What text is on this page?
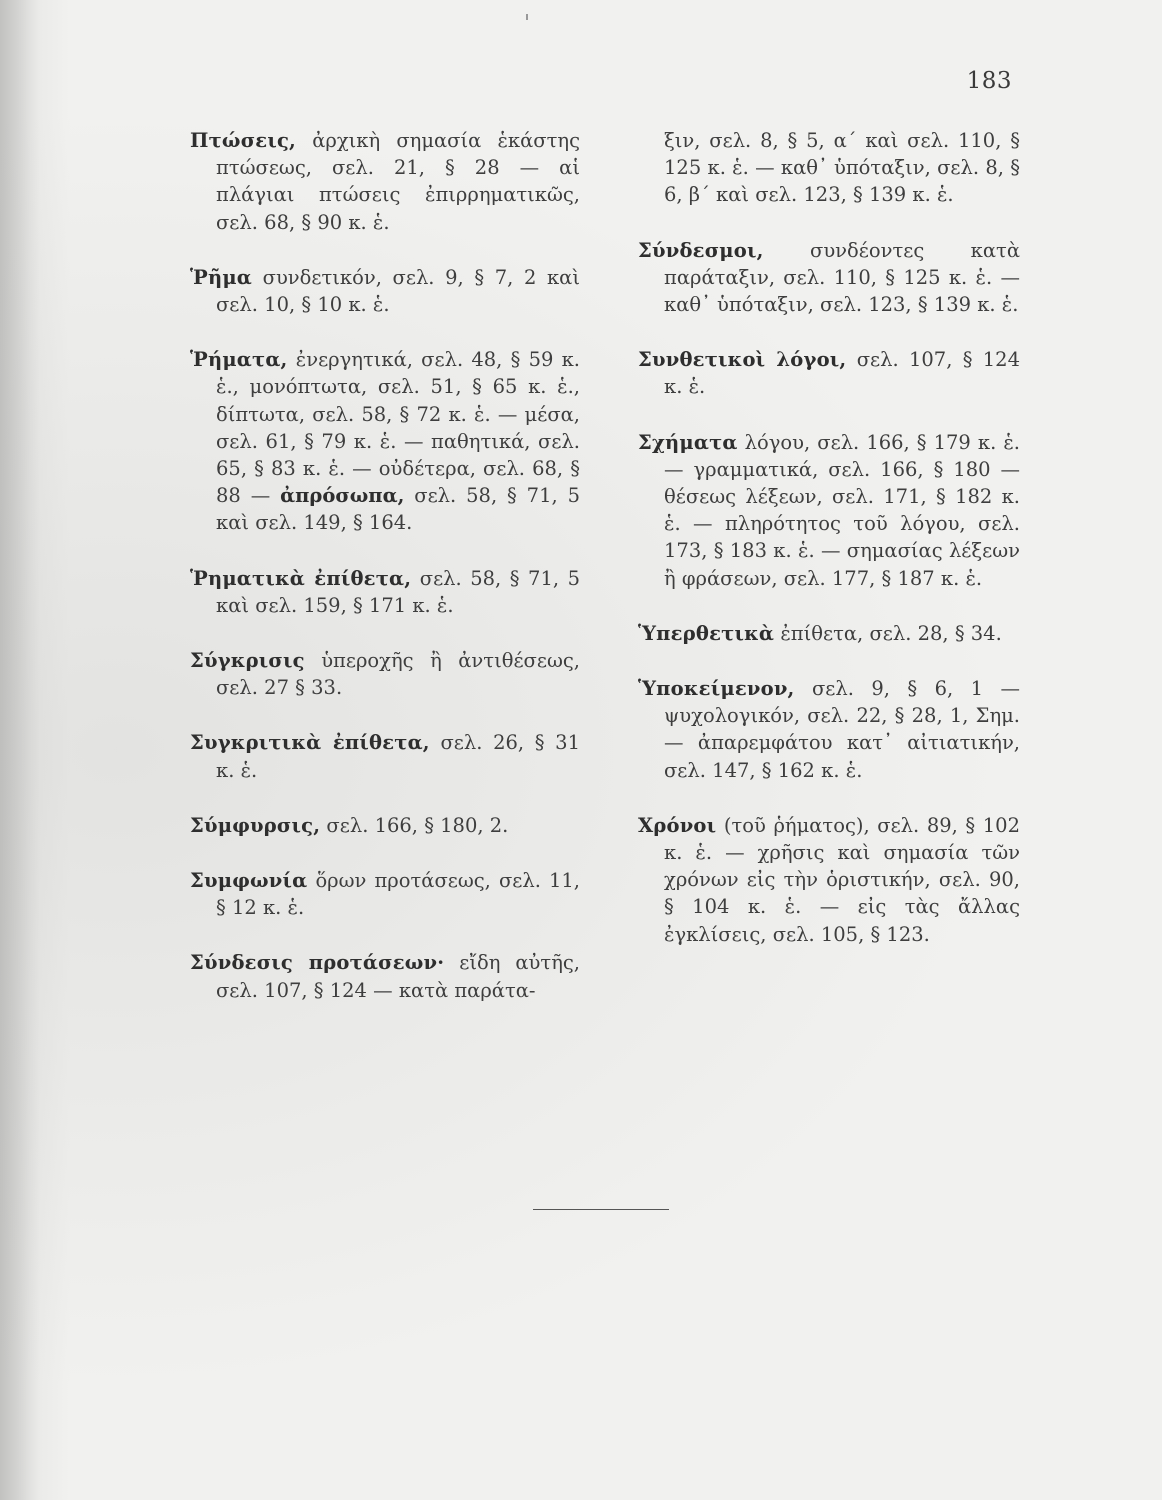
183

Πτώσεις, ἀρχικὴ σημασία ἑκάστης πτώσεως, σελ. 21, § 28 — αἱ πλάγιαι πτώσεις ἐπιρρηματικῶς, σελ. 68, § 90 κ. ἑ.

Ῥῆμα συνδετικόν, σελ. 9, § 7, 2 καὶ σελ. 10, § 10 κ. ἑ.

Ῥήματα, ἐνεργητικά, σελ. 48, § 59 κ. ἑ., μονόπτωτα, σελ. 51, § 65 κ. ἑ., δίπτωτα, σελ. 58, § 72 κ. ἑ. — μέσα, σελ. 61, § 79 κ. ἑ. — παθητικά, σελ. 65, § 83 κ. ἑ. — οὐδέτερα, σελ. 68, § 88 — ἀπρόσωπα, σελ. 58, § 71, 5 καὶ σελ. 149, § 164.

Ῥηματικὰ ἐπίθετα, σελ. 58, § 71, 5 καὶ σελ. 159, § 171 κ. ἑ.

Σύγκρισις ὑπεροχῆς ἢ ἀντιθέσεως, σελ. 27 § 33.

Συγκριτικὰ ἐπίθετα, σελ. 26, § 31 κ. ἑ.

Σύμφυρσις, σελ. 166, § 180, 2.

Συμφωνία ὅρων προτάσεως, σελ. 11, § 12 κ. ἑ.

Σύνδεσις προτάσεων· εἴδη αὐτῆς, σελ. 107, § 124 — κατὰ παράτα-

ξιν, σελ. 8, § 5, α΄ καὶ σελ. 110, § 125 κ. ἑ. — καθ᾽ ὑπόταξιν, σελ. 8, § 6, β΄ καὶ σελ. 123, § 139 κ. ἑ.

Σύνδεσμοι, συνδέοντες κατὰ παράταξιν, σελ. 110, § 125 κ. ἑ. — καθ᾽ ὑπόταξιν, σελ. 123, § 139 κ. ἑ.

Συνθετικοὶ λόγοι, σελ. 107, § 124 κ. ἑ.

Σχήματα λόγου, σελ. 166, § 179 κ. ἑ. — γραμματικά, σελ. 166, § 180 — θέσεως λέξεων, σελ. 171, § 182 κ. ἑ. — πληρότητος τοῦ λόγου, σελ. 173, § 183 κ. ἑ. — σημασίας λέξεων ἢ φράσεων, σελ. 177, § 187 κ. ἑ.

Ὑπερθετικὰ ἐπίθετα, σελ. 28, § 34.

Ὑποκείμενον, σελ. 9, § 6, 1 — ψυχολογικόν, σελ. 22, § 28, 1, Σημ. — ἀπαρεμφάτου κατ᾽ αἰτιατικήν, σελ. 147, § 162 κ. ἑ.

Χρόνοι (τοῦ ῥήματος), σελ. 89, § 102 κ. ἑ. — χρῆσις καὶ σημασία τῶν χρόνων εἰς τὴν ὁριστικήν, σελ. 90, § 104 κ. ἑ. — εἰς τὰς ἄλλας ἐγκλίσεις, σελ. 105, § 123.
